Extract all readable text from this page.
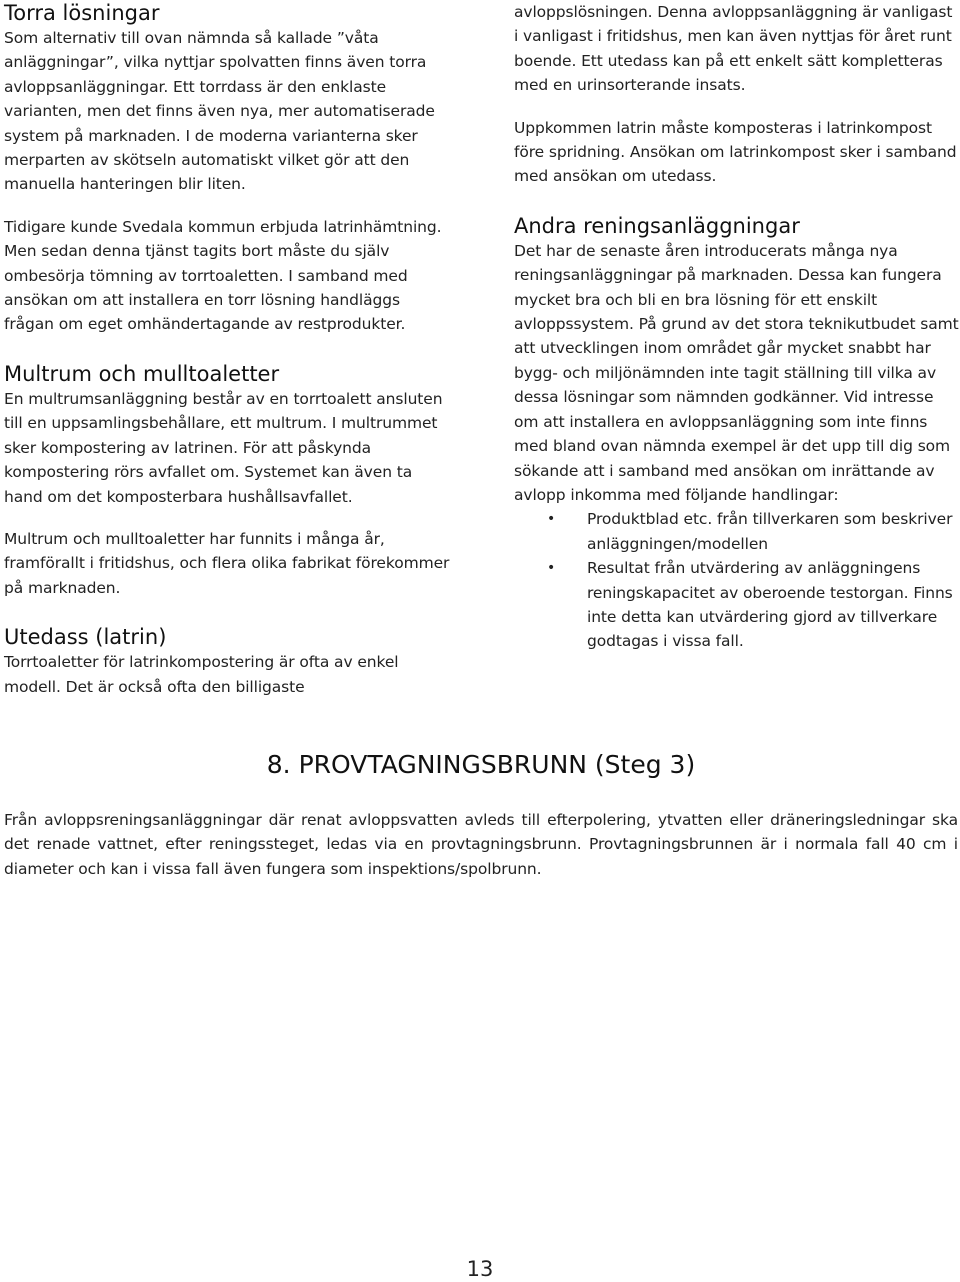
Torra lösningar

Som alternativ till ovan nämnda så kallade ”våta anläggningar”, vilka nyttjar spolvatten finns även torra avloppsanläggningar. Ett torrdass är den enklaste varianten, men det finns även nya, mer automatiserade system på marknaden. I de moderna varianterna sker merparten av skötseln automatiskt vilket gör att den manuella hanteringen blir liten.

Tidigare kunde Svedala kommun erbjuda latrinhämtning. Men sedan denna tjänst tagits bort måste du själv ombesörja tömning av torrtoaletten. I samband med ansökan om att installera en torr lösning handläggs frågan om eget omhändertagande av restprodukter.

Multrum och mulltoaletter

En multrumsanläggning består av en torrtoalett ansluten till en uppsamlingsbehållare, ett multrum. I multrummet sker kompostering av latrinen. För att påskynda kompostering rörs avfallet om. Systemet kan även ta hand om det komposterbara hushållsavfallet.

Multrum och mulltoaletter har funnits i många år, framförallt i fritidshus, och flera olika fabrikat förekommer på marknaden.

Utedass (latrin)

Torrtoaletter för latrinkompostering är ofta av enkel modell. Det är också ofta den billigaste

avloppslösningen. Denna avloppsanläggning är vanligast i vanligast i fritidshus, men kan även nyttjas för året runt boende. Ett utedass kan på ett enkelt sätt kompletteras med en urinsorterande insats.

Uppkommen latrin måste komposteras i latrinkompost före spridning. Ansökan om latrinkompost sker i samband med ansökan om utedass.

Andra reningsanläggningar

Det har de senaste åren introducerats många nya reningsanläggningar på marknaden. Dessa kan fungera mycket bra och bli en bra lösning för ett enskilt avloppssystem. På grund av det stora teknikutbudet samt att utvecklingen inom området går mycket snabbt har bygg- och miljönämnden inte tagit ställning till vilka av dessa lösningar som nämnden godkänner. Vid intresse om att installera en avloppsanläggning som inte finns med bland ovan nämnda exempel är det upp till dig som sökande att i samband med ansökan om inrättande av avlopp inkomma med följande handlingar:

• Produktblad etc. från tillverkaren som beskriver anläggningen/modellen
• Resultat från utvärdering av anläggningens reningskapacitet av oberoende testorgan. Finns inte detta kan utvärdering gjord av tillverkare godtagas i vissa fall.
8. PROVTAGNINGSBRUNN (Steg 3)

Från avloppsreningsanläggningar där renat avloppsvatten avleds till efterpolering, ytvatten eller dräneringsledningar ska det renade vattnet, efter reningssteget, ledas via en provtagningsbrunn. Provtagningsbrunnen är i normala fall 40 cm i diameter och kan i vissa fall även fungera som inspektions/spolbrunn.

13
